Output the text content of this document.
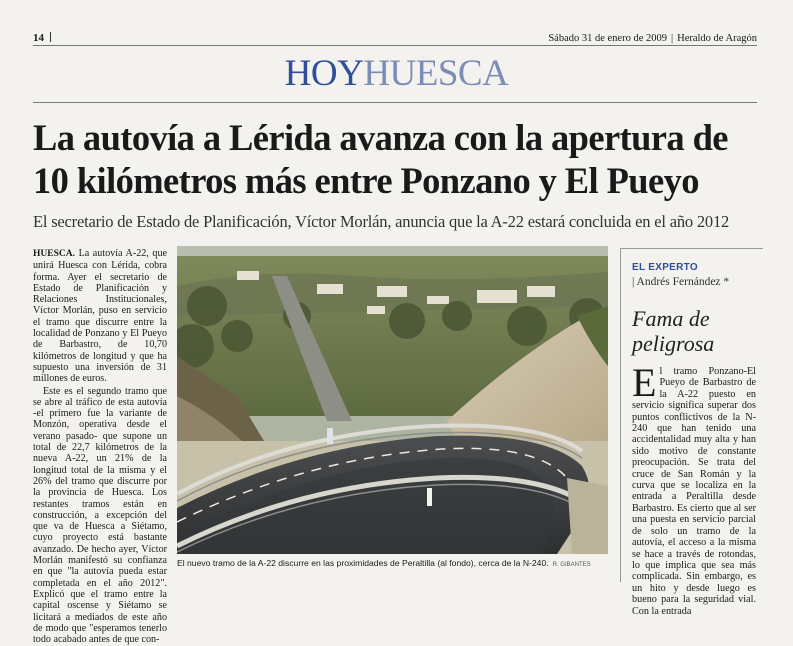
14	Sábado 31 de enero de 2009 | Heraldo de Aragón
HOYHUESCA
La autovía a Lérida avanza con la apertura de
10 kilómetros más entre Ponzano y El Pueyo
El secretario de Estado de Planificación, Víctor Morlán, anuncia que la A-22 estará concluida en el año 2012

HUESCA. La autovía A-22, que unirá Huesca con Lérida, cobra forma. Ayer el secretario de Estado de Planificación y Relaciones Institucionales, Víctor Morlán, puso en servicio el tramo que discurre entre la localidad de Ponzano y El Pueyo de Barbastro, de 10,70 kilómetros de longitud y que ha supuesto una inversión de 31 millones de euros.

Este es el segundo tramo que se abre al tráfico de esta autovía -el primero fue la variante de Monzón, operativa desde el verano pasado- que supone un total de 22,7 kilómetros de la nueva A-22, un 21% de la longitud total de la misma y el 26% del tramo que discurre por la provincia de Huesca. Los restantes tramos están en construcción, a excepción del que va de Huesca a Siétamo, cuyo proyecto está bastante avanzado. De hecho ayer, Víctor Morlán manifestó su confianza en que "la autovía pueda estar completada en el año 2012". Explicó que el tramo entre la capital oscense y Siétamo se licitará a mediados de este año de modo que "esperamos tenerlo todo acabado antes de que con-

El nuevo tramo de la A-22 discurre en las proximidades de Peraltilla (al fondo), cerca de la N-240. R. GIBANTES
EL EXPERTO
| Andrés Fernández *
Fama de
peligrosa
El tramo Ponzano-El Pueyo de Barbastro de la A-22 puesto en servicio significa superar dos puntos conflictivos de la N-240 que han tenido una accidentalidad muy alta y han sido motivo de constante preocupación. Se trata del cruce de San Román y la curva que se localiza en la entrada a Peraltilla desde Barbastro. Es cierto que al ser una puesta en servicio parcial de solo un tramo de la autovía, el acceso a la misma se hace a través de rotondas, lo que implica que sea más complicada. Sin embargo, es un hito y desde luego es bueno para la seguridad vial. Con la entrada
